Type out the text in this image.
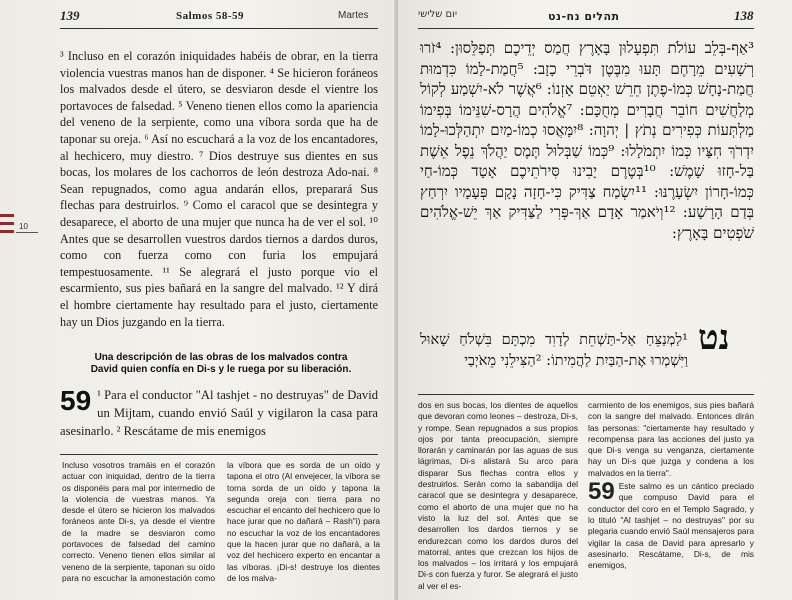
139	Salmos 58-59	Martes
10

³ Incluso en el corazón iniquidades habéis de obrar, en la tierra violencia vuestras manos han de disponer. ⁴ Se hicieron foráneos los malvados desde el útero, se desviaron desde el vientre los portavoces de falsedad. ⁵ Veneno tienen ellos como la apariencia del veneno de la serpiente, como una víbora sorda que ha de taponar su oreja. ⁶ Así no escuchará a la voz de los encantadores, al hechicero, muy diestro. ⁷ Dios destruye sus dientes en sus bocas, los molares de los cachorros de león destroza Ado-nai. ⁸ Sean repugnados, como agua andarán ellos, preparará Sus flechas para destruirlos. ⁹ Como el caracol que se desintegra y desaparece, el aborto de una mujer que nunca ha de ver el sol. ¹⁰ Antes que se desarrollen vuestros dardos tiernos a dardos duros, como con fuerza como con furia los empujará tempestuosamente. ¹¹ Se alegrará el justo porque vio el escarmiento, sus pies bañará en la sangre del malvado. ¹² Y dirá el hombre ciertamente hay resultado para el justo, ciertamente hay un Dios juzgando en la tierra.

Una descripción de las obras de los malvados contra David quien confía en Di-s y le ruega por su liberación.
59 ¹ Para el conductor "Al tashjet - no destruyas" de David un Mijtam, cuando envió Saúl y vigilaron la casa para asesinarlo. ² Rescátame de mis enemigos
Incluso vosotros tramáis en el corazón actuar con iniquidad, dentro de la tierra os disponéis para mal por intermedio de la violencia de vuestras manos. Ya desde el útero se hicieron los malvados foráneos ante Di-s, ya desde el vientre de la madre se desviaron como portavoces de falsedad del camino correcto. Veneno tienen ellos similar al veneno de la serpiente, taponan su oído para no escuchar la amonestación como la víbora que es sorda de un oído y tapona el otro (Al envejecer, la víbora se torna sorda de un oído y tapona la segunda oreja con tierra para no escuchar el encanto del hechicero que lo hace jurar que no dañará – Rash"i) para no escuchar la voz de los encantadores que la hacen jurar que no dañará, a la voz del hechicero experto en encantar a las víboras. ¡Di-s! destruye los dientes de los malva-
יום שלישי	תהלים נח-נט	138
³אַף-בְּלֵב עוֹלֹת תִּפְעָלוּן בָּאָרֶץ חֲמַס יְדֵיכֶם תְּפַלֵּסוּן: ⁴זֹרוּ רְשָׁעִים מֵרָחֶם תָּעוּ מִבֶּטֶן דֹּבְרֵי כָזָב: ⁵חֲמַת-לָמוֹ כִּדְמוּת חֲמַת-נָחָשׁ כְּמוֹ-פֶתֶן חֵרֵשׁ יַאְטֵם אָזְנוֹ: ⁶אֲשֶׁר לֹא-יִשְׁמַע לְקוֹל מְלַחֲשִׁים חוֹבֵר חֲבָרִים מְחֻכָּם: ⁷אֱלֹהִים הֲרָס-שִׁנֵּימוֹ בְּפִימוֹ מַלְתְּעוֹת כְּפִירִים נְתֹץ | יְהוָה: ⁸יִמָּאֲסוּ כְמוֹ-מַיִם יִתְהַלְּכוּ-לָמוֹ יִדְרֹךְ חִצָּיו כְּמוֹ יִתְמֹלָלוּ: ⁹כְּמוֹ שַׁבְּלוּל תֶּמֶס יַהֲלֹךְ נֵפֶל אֵשֶׁת בַּל-חָזוּ שָׁמֶשׁ: ¹⁰בְּטֶרֶם יָבִינוּ סִּירֹתֵיכֶם אָטָד כְּמוֹ-חַי כְּמוֹ-חָרוֹן יִשְׂעָרֶנּוּ: ¹¹יִשְׂמַח צַדִּיק כִּי-חָזָה נָקָם פְּעָמָיו יִרְחַץ בְּדַם הָרָשָׁע: ¹²וְיֹאמַר אָדָם אַךְ-פְּרִי לַצַּדִּיק אַךְ יֵשׁ-אֱלֹהִים שֹׁפְטִים בָּאָרֶץ:
נט
¹לַמְנַצֵּחַ אַל-תַּשְׁחֵת לְדָוִד מִכְתָּם בִּשְׁלֹחַ שָׁאוּל וַיִּשְׁמְרוּ אֶת-הַבַּיִת לַהֲמִיתוֹ: ²הַצִּילֵנִי מֵאֹיְבַי
dos en sus bocas, los dientes de aquellos que devoran como leones – destroza, Di-s, y rompe. Sean repugnados a sus propios ojos por tanta preocupación, siempre llorarán y caminarán por las aguas de sus lágrimas, Di-s alistará Su arco para disparar Sus flechas contra ellos y destruirlos. Serán como la sabandija del caracol que se desintegra y desaparece, como el aborto de una mujer que no ha visto la luz del sol. Antes que se desarrollen los dardos tiernos y se endurezcan como los dardos duros del matorral, antes que crezcan los hijos de los malvados – los irritará y los empujará Di-s con fuerza y furor. Se alegrará el justo al ver el es-
carmiento de los enemigos, sus pies bañará con la sangre del malvado. Entonces dirán las personas: "ciertamente hay resultado y recompensa para las acciones del justo ya que Di-s venga su venganza, ciertamente hay un Di-s que juzga y condena a los malvados en la tierra".
59 Este salmo es un cántico preciado que compuso David para el conductor del coro en el Templo Sagrado, y lo tituló "Al tashjet – no destruyas" por su plegaria cuando envió Saúl mensajeros para vigilar la casa de David para apresarlo y asesinarlo. Rescátame, Di-s, de mis enemigos,
